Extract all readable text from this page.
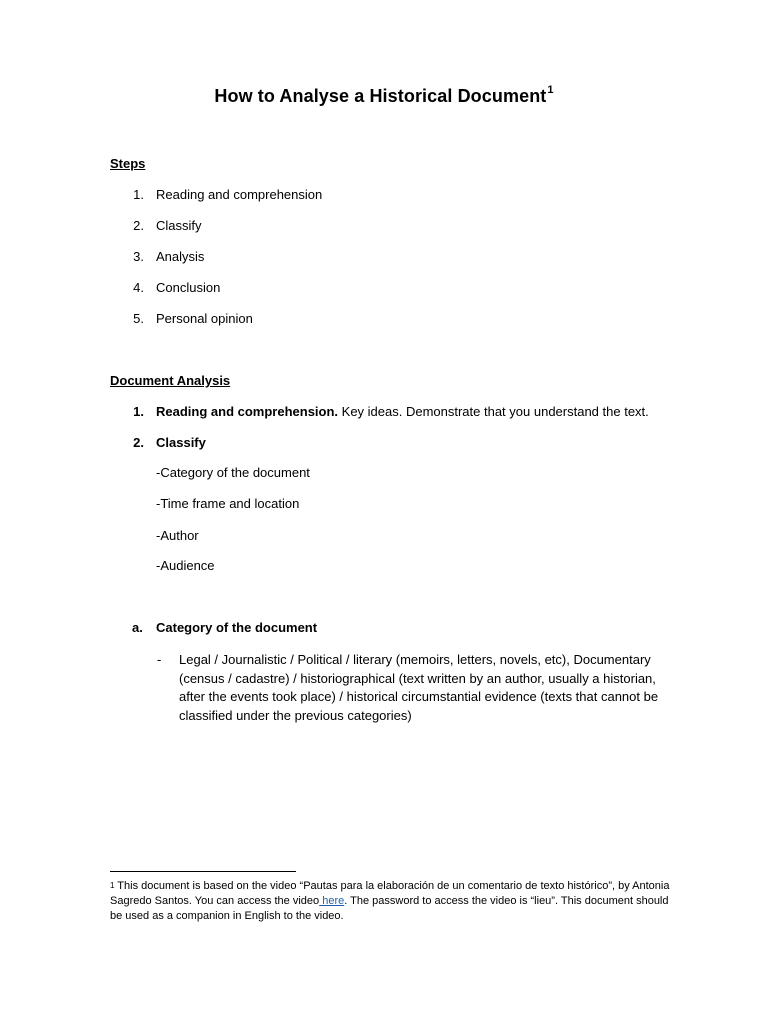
How to Analyse a Historical Document$^1$
Steps
1. Reading and comprehension
2. Classify
3. Analysis
4. Conclusion
5. Personal opinion
Document Analysis
1. Reading and comprehension. Key ideas. Demonstrate that you understand the text.
2. Classify
-Category of the document
-Time frame and location
-Author
-Audience
a. Category of the document
- Legal / Journalistic / Political / literary (memoirs, letters, novels, etc), Documentary (census / cadastre) / historiographical (text written by an author, usually a historian, after the events took place) / historical circumstantial evidence (texts that cannot be classified under the previous categories)
$^1$ This document is based on the video “Pautas para la elaboración de un comentario de texto histórico”, by Antonia Sagredo Santos. You can access the video here. The password to access the video is “lieu”. This document should be used as a companion in English to the video.
